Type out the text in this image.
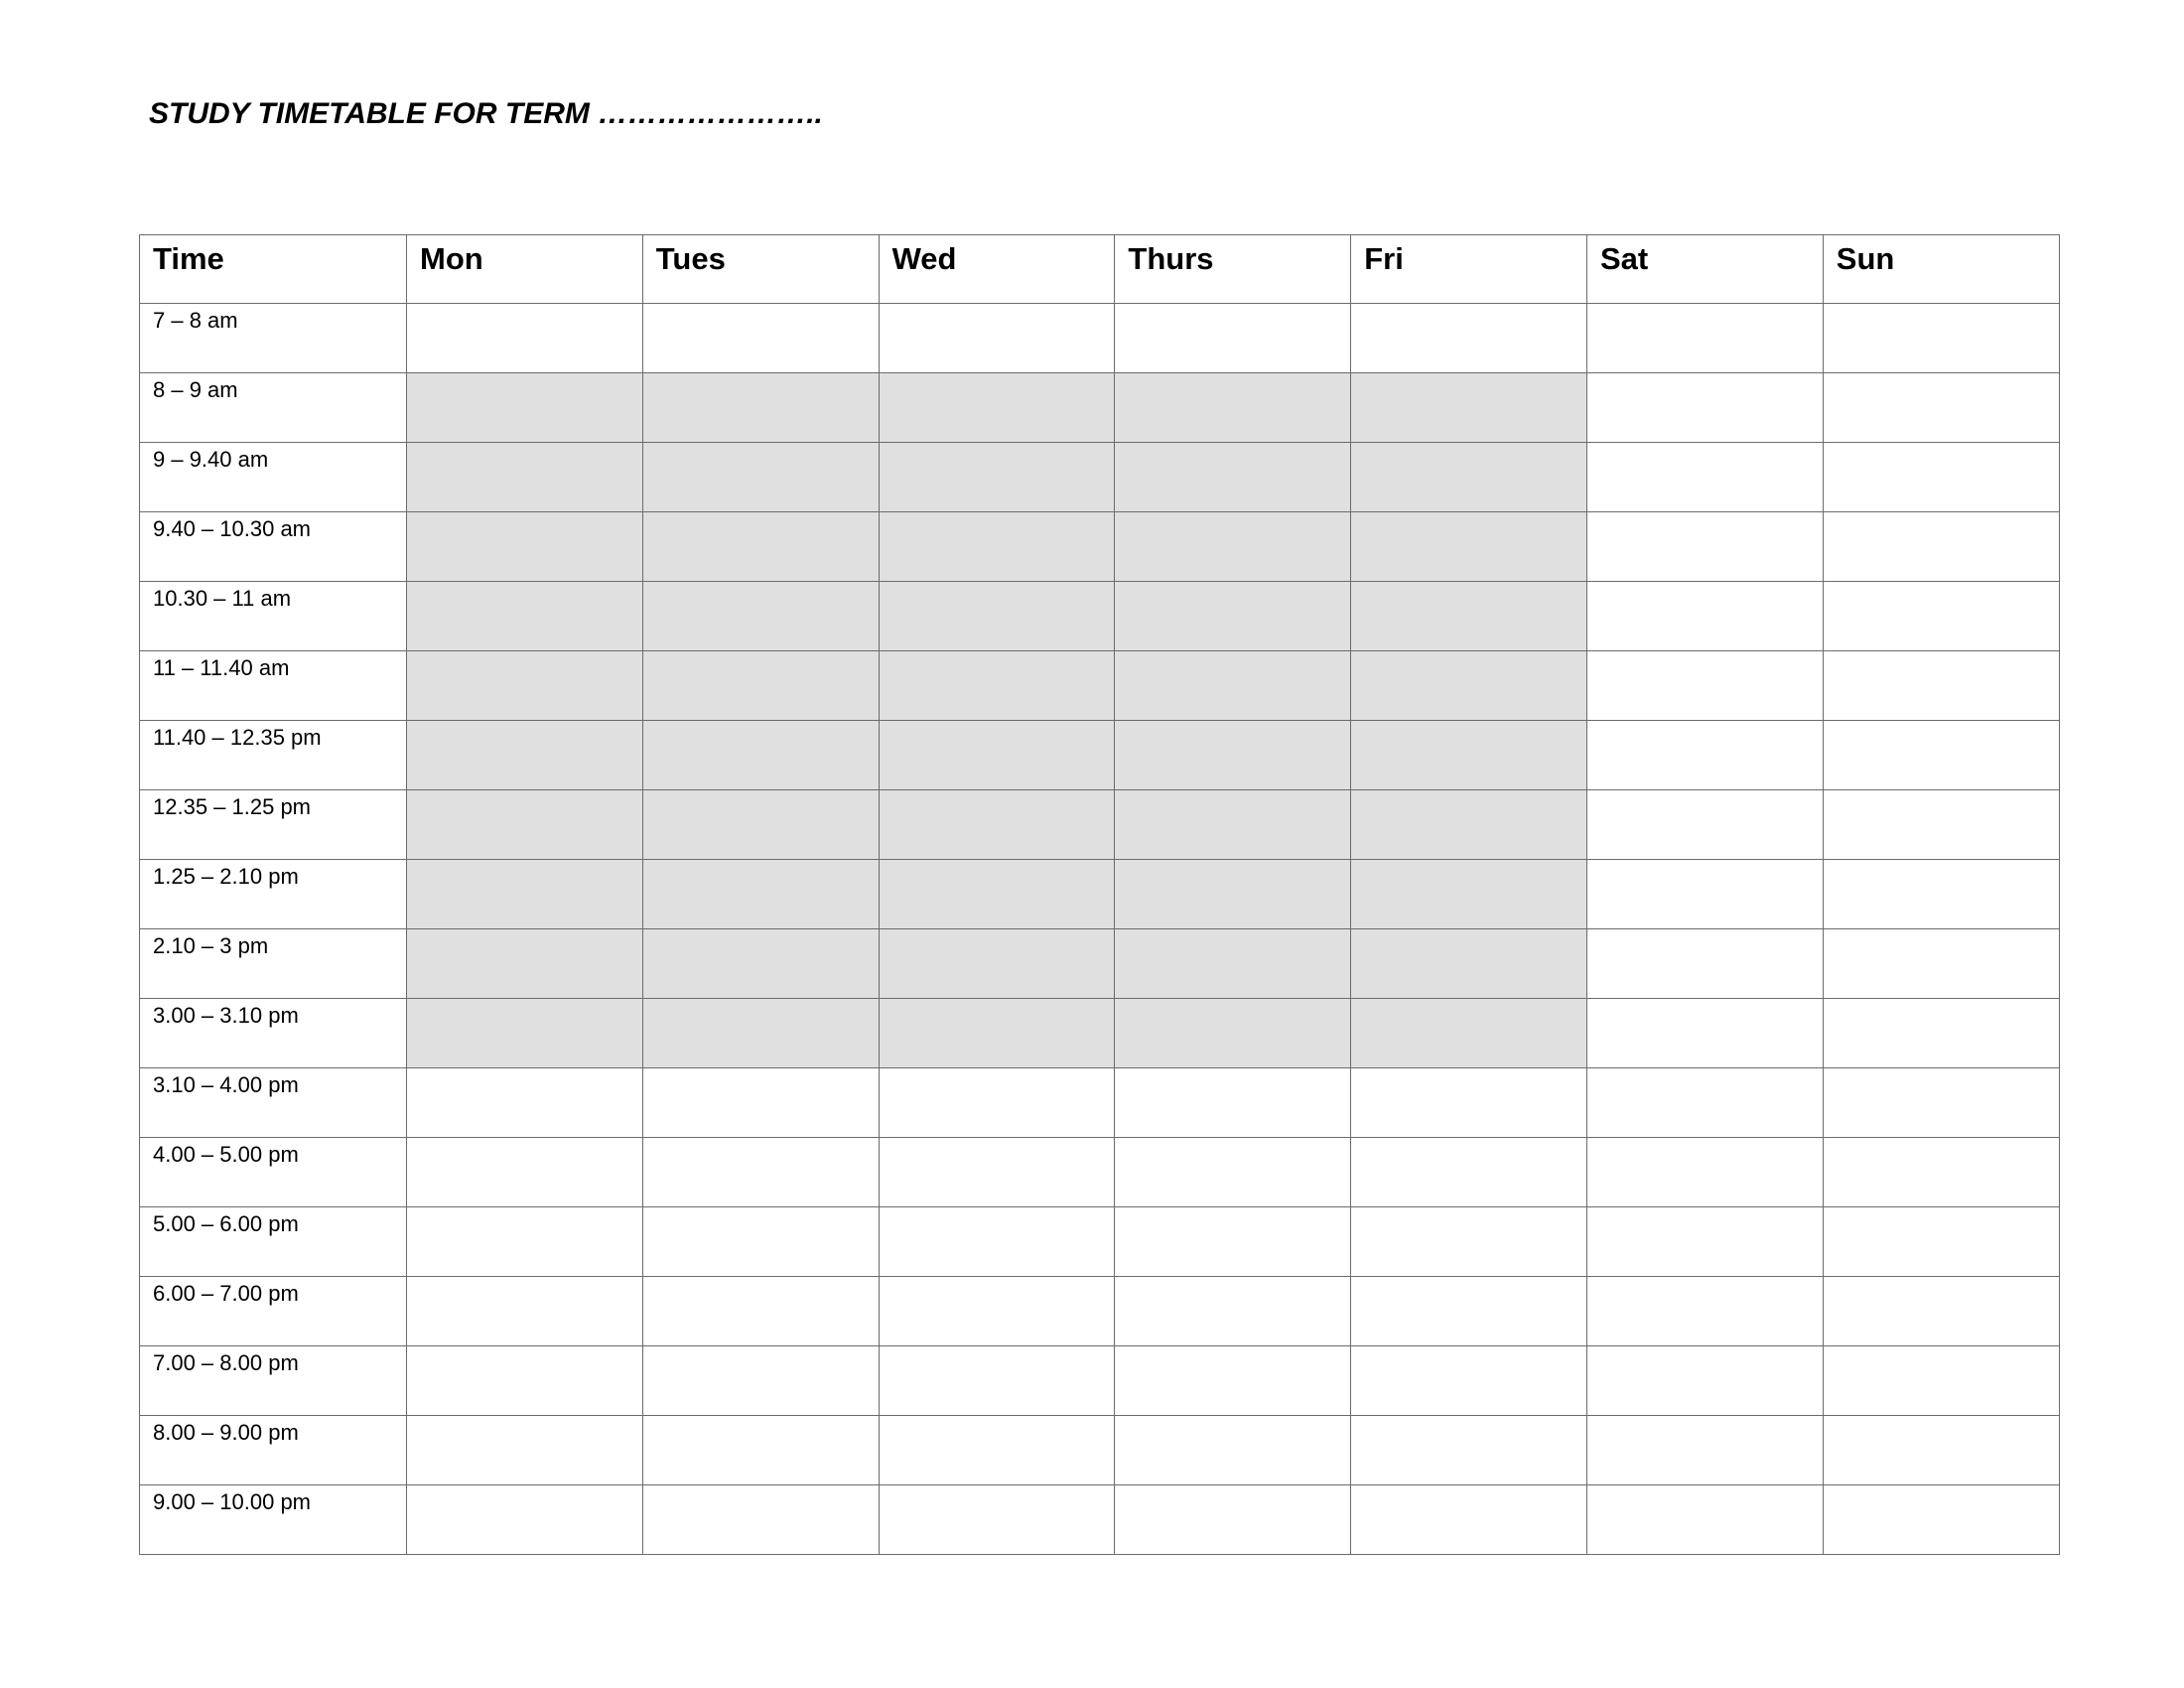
STUDY TIMETABLE FOR TERM …………………..
Time	Mon	Tues	Wed	Thurs	Fri	Sat	Sun
7 – 8 am							
8 – 9 am							
9 – 9.40 am							
9.40 – 10.30 am							
10.30 – 11 am							
11 – 11.40 am							
11.40 – 12.35 pm							
12.35 – 1.25 pm							
1.25 – 2.10 pm							
2.10 – 3 pm							
3.00 – 3.10 pm							
3.10 – 4.00 pm							
4.00 – 5.00 pm							
5.00 – 6.00 pm							
6.00 – 7.00 pm							
7.00 – 8.00 pm							
8.00 – 9.00 pm							
9.00 – 10.00 pm							
